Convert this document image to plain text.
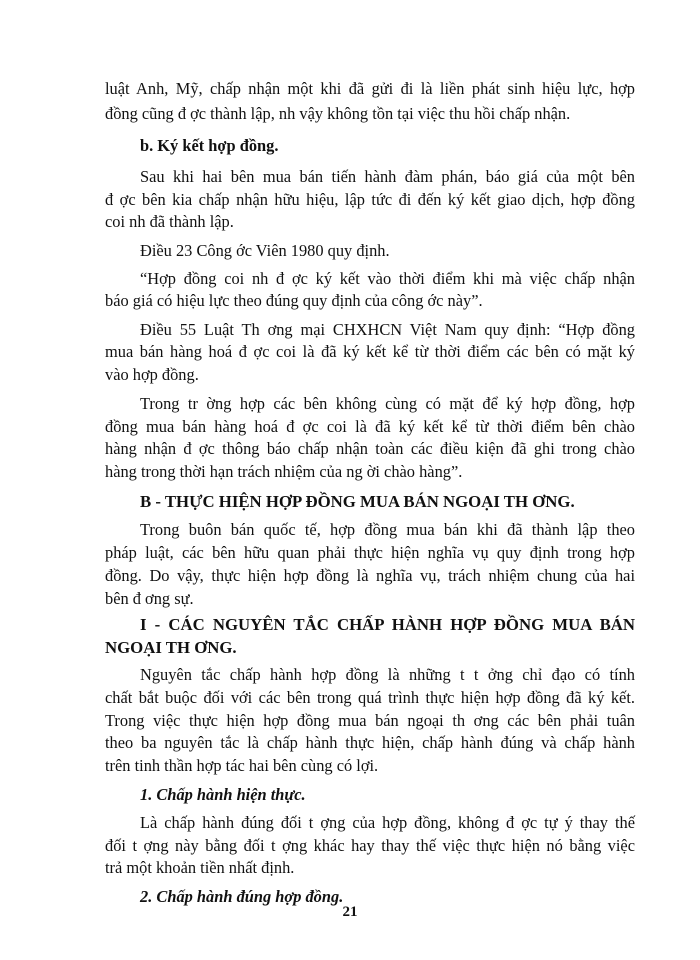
luật Anh, Mỹ, chấp nhận một khi đã gửi đi là liền phát sinh hiệu lực, hợp
đồng cũng đ ợc thành lập, nh vậy không tồn tại việc thu hồi chấp nhận.
b. Ký kết hợp đồng.
Sau khi hai bên mua bán tiến hành đàm phán, báo giá của một bên
đ ợc bên kia chấp nhận hữu hiệu, lập tức đi đến ký kết giao dịch, hợp đồng
coi nh đã thành lập.
Điều 23 Công ớc Viên 1980 quy định.
“Hợp đồng coi nh đ ợc ký kết vào thời điểm khi mà việc chấp nhận
báo giá có hiệu lực theo đúng quy định của công ớc này”.
Điều 55 Luật Th ơng mại CHXHCN Việt Nam quy định: “Hợp đồng
mua bán hàng hoá đ ợc coi là đã ký kết kể từ thời điểm các bên có mặt ký
vào hợp đồng.
Trong tr ờng hợp các bên không cùng có mặt để ký hợp đồng, hợp
đồng mua bán hàng hoá đ ợc coi là đã ký kết kể từ thời điểm bên chào
hàng nhận đ ợc thông báo chấp nhận toàn các điều kiện đã ghi trong chào
hàng trong thời hạn trách nhiệm của ng ời chào hàng”.
B - THỰC HIỆN HỢP ĐỒNG MUA BÁN NGOẠI TH ƠNG.
Trong buôn bán quốc tế, hợp đồng mua bán khi đã thành lập theo
pháp luật, các bên hữu quan phải thực hiện nghĩa vụ quy định trong hợp
đồng. Do vậy, thực hiện hợp đồng là nghĩa vụ, trách nhiệm chung của hai
bên đ ơng sự.
I - CÁC NGUYÊN TẮC CHẤP HÀNH HỢP ĐỒNG MUA BÁN
NGOẠI TH ƠNG.
Nguyên tắc chấp hành hợp đồng là những t t ởng chỉ đạo có tính
chất bắt buộc đối với các bên trong quá trình thực hiện hợp đồng đã ký kết.
Trong việc thực hiện hợp đồng mua bán ngoại th ơng các bên phải tuân
theo ba nguyên tắc là chấp hành thực hiện, chấp hành đúng và chấp hành
trên tinh thần hợp tác hai bên cùng có lợi.
1. Chấp hành hiện thực.
Là chấp hành đúng đối t ợng của hợp đồng, không đ ợc tự ý thay thế
đối t ợng này bằng đối t ợng khác hay thay thế việc thực hiện nó bằng việc
trả một khoản tiền nhất định.
2. Chấp hành đúng hợp đồng.
21
